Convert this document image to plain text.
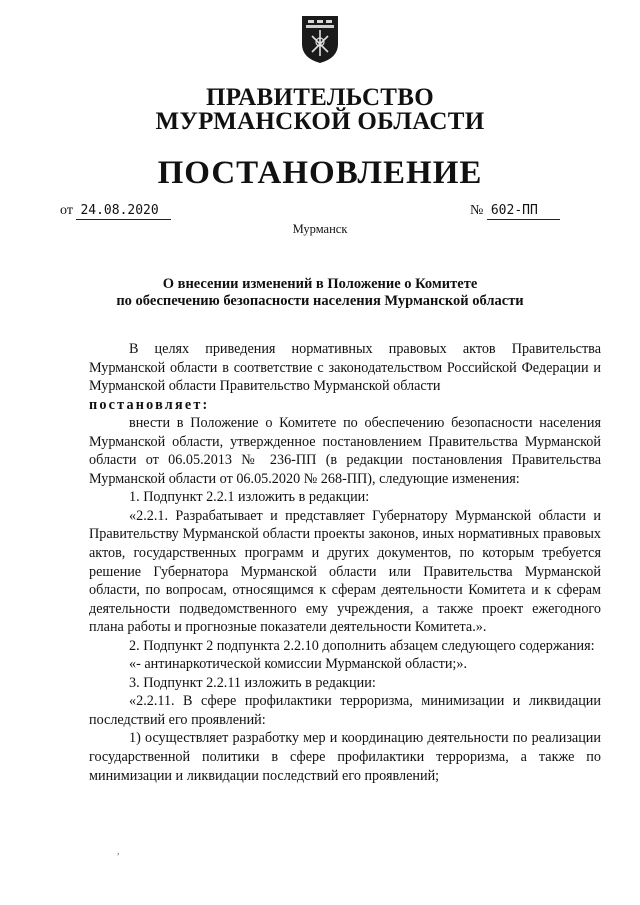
ПРАВИТЕЛЬСТВО
МУРМАНСКОЙ ОБЛАСТИ
ПОСТАНОВЛЕНИЕ
от 24.08.2020	№ 602-ПП
Мурманск
О внесении изменений в Положение о Комитете
по обеспечению безопасности населения Мурманской области

В целях приведения нормативных правовых актов Правительства Мурманской области в соответствие с законодательством Российской Федерации и Мурманской области Правительство Мурманской области

постановляет:

внести в Положение о Комитете по обеспечению безопасности населения Мурманской области, утвержденное постановлением Правительства Мурманской области от 06.05.2013 № 236-ПП (в редакции постановления Правительства Мурманской области от 06.05.2020 № 268-ПП), следующие изменения:

1. Подпункт 2.2.1 изложить в редакции:

«2.2.1. Разрабатывает и представляет Губернатору Мурманской области и Правительству Мурманской области проекты законов, иных нормативных правовых актов, государственных программ и других документов, по которым требуется решение Губернатора Мурманской области или Правительства Мурманской области, по вопросам, относящимся к сферам деятельности Комитета и к сферам деятельности подведомственного ему учреждения, а также проект ежегодного плана работы и прогнозные показатели деятельности Комитета.».

2. Подпункт 2 подпункта 2.2.10 дополнить абзацем следующего содержания:

«- антинаркотической комиссии Мурманской области;».

3. Подпункт 2.2.11 изложить в редакции:

«2.2.11. В сфере профилактики терроризма, минимизации и ликвидации последствий его проявлений:

1) осуществляет разработку мер и координацию деятельности по реализации государственной политики в сфере профилактики терроризма, а также по минимизации и ликвидации последствий его проявлений;

,
